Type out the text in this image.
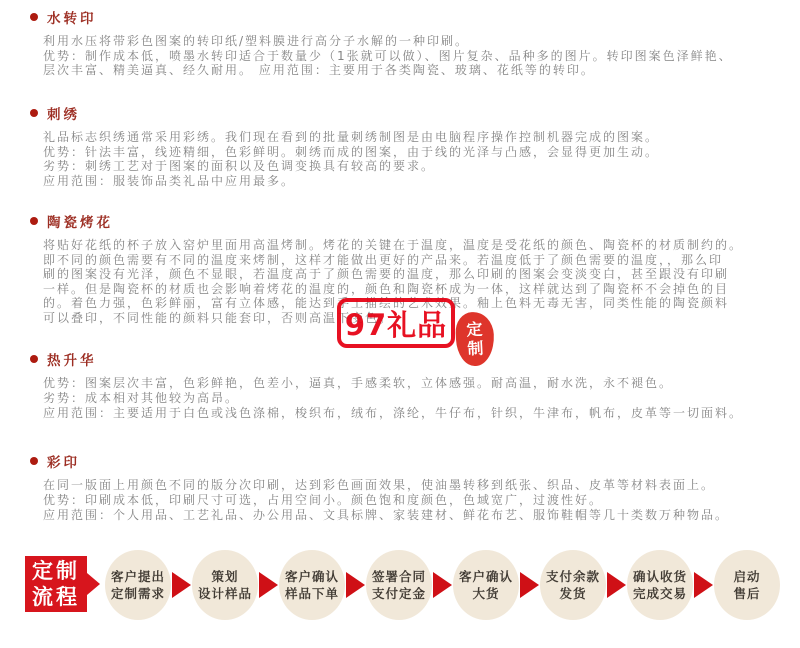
水转印
利用水压将带彩色图案的转印纸/塑料膜进行高分子水解的一种印刷。
优势：制作成本低，喷墨水转印适合于数量少（1张就可以做）、图片复杂、品种多的图片。转印图案色泽鲜艳、
层次丰富、精美逼真、经久耐用。 应用范围：主要用于各类陶瓷、玻璃、花纸等的转印。
刺绣
礼品标志织绣通常采用彩绣。我们现在看到的批量刺绣制图是由电脑程序操作控制机器完成的图案。
优势：针法丰富，线迹精细，色彩鲜明。刺绣而成的图案，由于线的光泽与凸感，会显得更加生动。
劣势：刺绣工艺对于图案的面积以及色调变换具有较高的要求。
应用范围：服装饰品类礼品中应用最多。
陶瓷烤花
将贴好花纸的杯子放入窑炉里面用高温烤制。烤花的关键在于温度，温度是受花纸的颜色、陶瓷杯的材质制约的。
即不同的颜色需要有不同的温度来烤制，这样才能做出更好的产品来。若温度低于了颜色需要的温度，，那么印
刷的图案没有光泽，颜色不显眼，若温度高于了颜色需要的温度，那么印刷的图案会变淡变白，甚至跟没有印刷
一样。但是陶瓷杯的材质也会影响着烤花的温度的，颜色和陶瓷杯成为一体，这样就达到了陶瓷杯不会掉色的目
的。着色力强，色彩鲜丽，富有立体感，能达到手工描绘的艺术效果。釉上色料无毒无害，同类性能的陶瓷颜料
可以叠印，不同性能的颜料只能套印，否则高温下变色。
热升华
优势：图案层次丰富，色彩鲜艳，色差小，逼真，手感柔软，立体感强。耐高温，耐水洗，永不褪色。
劣势：成本相对其他较为高昂。
应用范围：主要适用于白色或浅色涤棉，梭织布，绒布，涤纶，牛仔布，针织，牛津布，帆布，皮革等一切面料。
彩印
在同一版面上用颜色不同的版分次印刷，达到彩色画面效果，使油墨转移到纸张、织品、皮革等材料表面上。
优势：印刷成本低，印刷尺寸可选，占用空间小。颜色饱和度颜色，色域宽广，过渡性好。
应用范围：个人用品、工艺礼品、办公用品、文具标牌、家装建材、鲜花布艺、服饰鞋帽等几十类数万种物品。
97礼品	定
制
定制
流程
客户提出
定制需求
策划
设计样品
客户确认
样品下单
签署合同
支付定金
客户确认
大货
支付余款
发货
确认收货
完成交易
启动
售后
